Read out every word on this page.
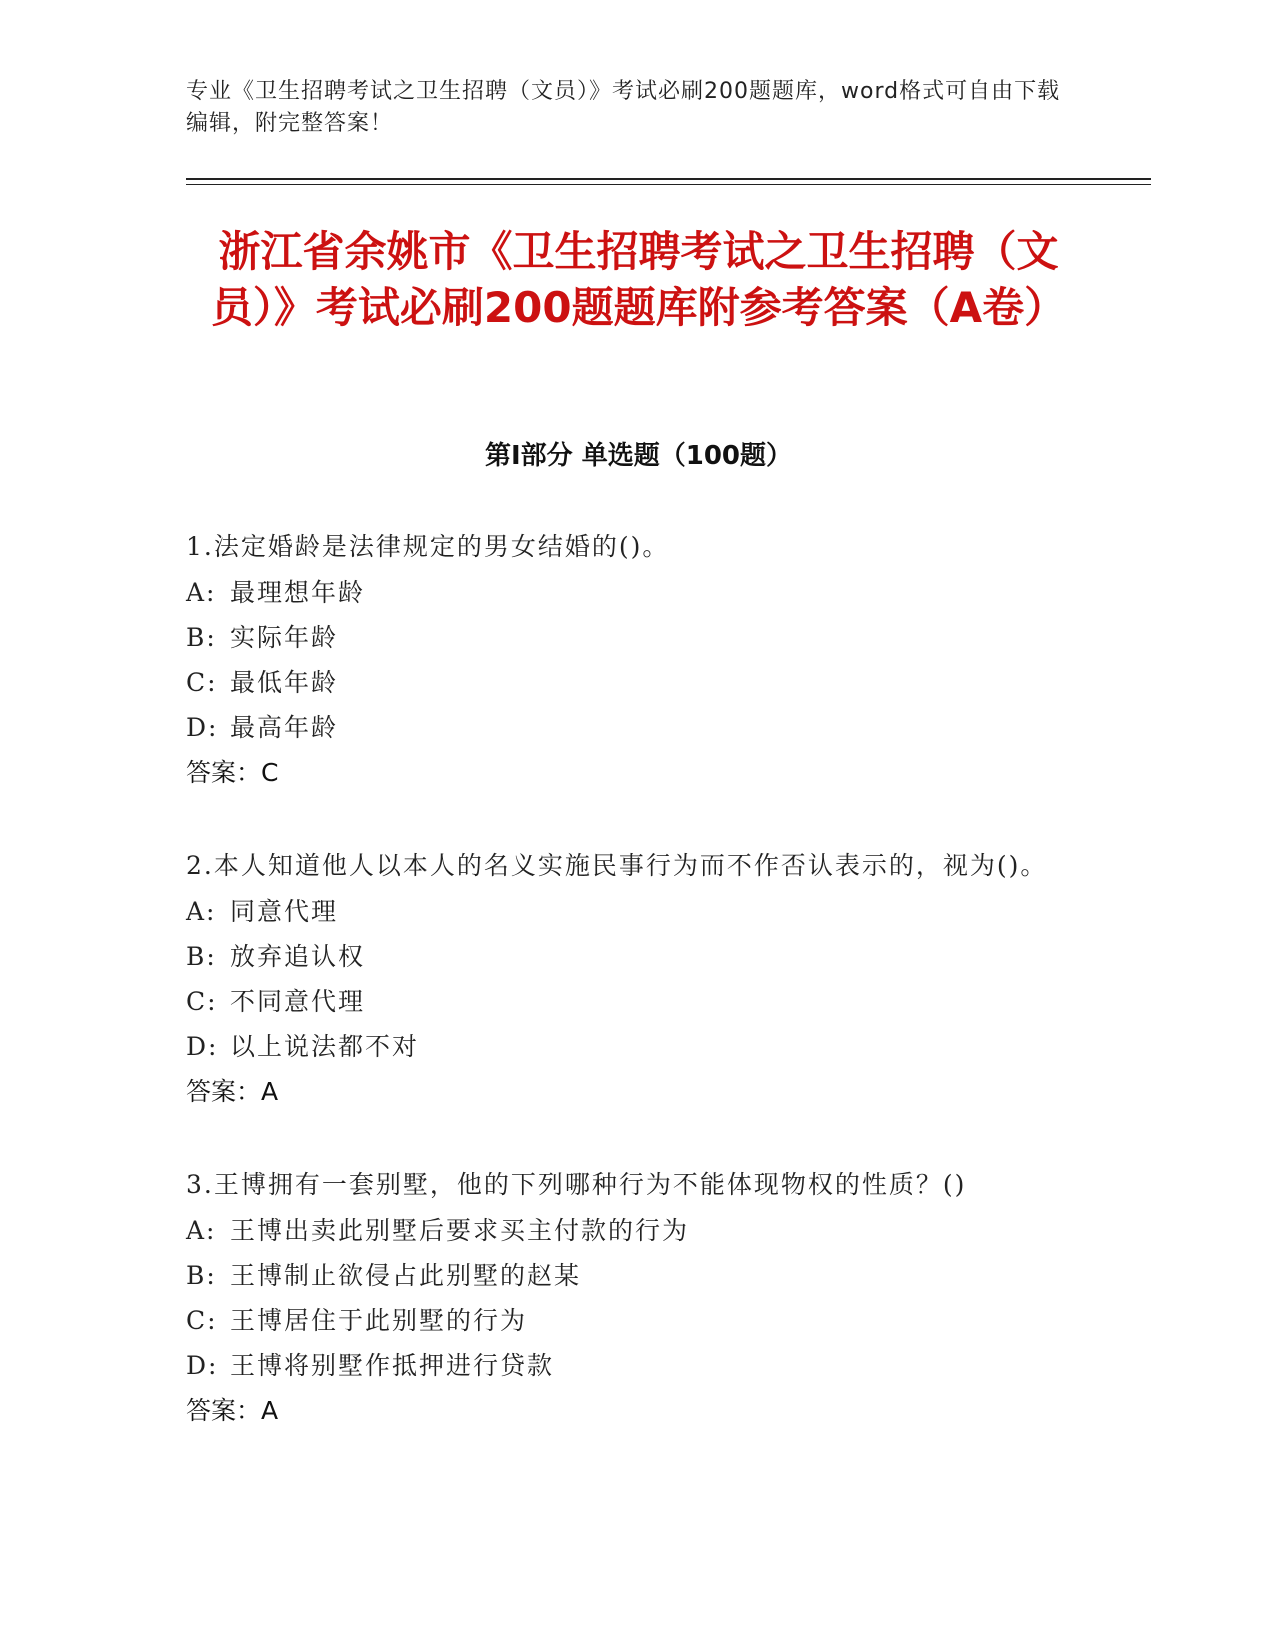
专业《卫生招聘考试之卫生招聘（文员）》考试必刷200题题库，word格式可自由下载编辑，附完整答案！
浙江省余姚市《卫生招聘考试之卫生招聘（文员）》考试必刷200题题库附参考答案（A卷）
第Ⅰ部分 单选题（100题）
1.法定婚龄是法律规定的男女结婚的()。
A: 最理想年龄
B: 实际年龄
C: 最低年龄
D: 最高年龄
答案：C
2.本人知道他人以本人的名义实施民事行为而不作否认表示的，视为()。
A: 同意代理
B: 放弃追认权
C: 不同意代理
D: 以上说法都不对
答案：A
3.王博拥有一套别墅，他的下列哪种行为不能体现物权的性质？()
A: 王博出卖此别墅后要求买主付款的行为
B: 王博制止欲侵占此别墅的赵某
C: 王博居住于此别墅的行为
D: 王博将别墅作抵押进行贷款
答案：A
